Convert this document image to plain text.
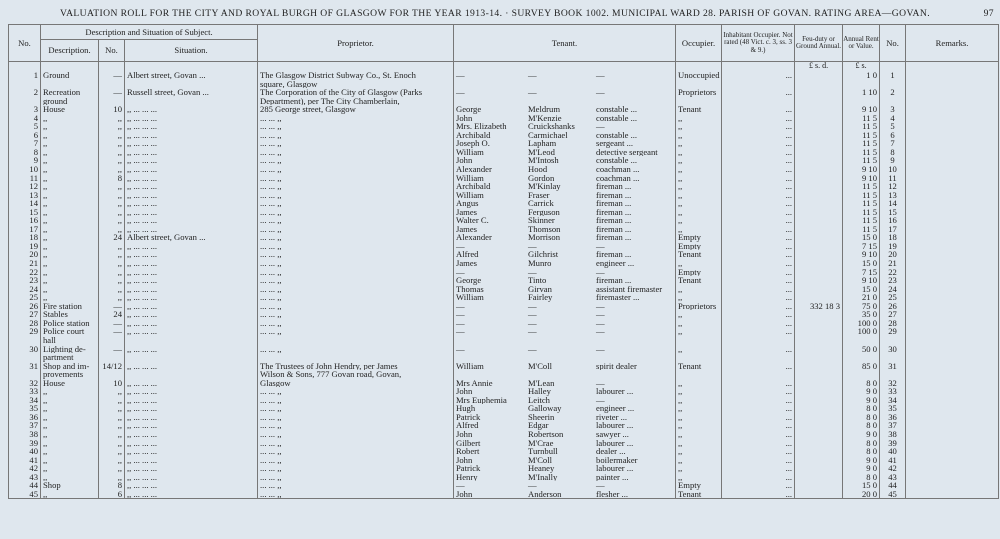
VALUATION ROLL FOR THE CITY AND ROYAL BURGH OF GLASGOW FOR THE YEAR 1913-14. · SURVEY BOOK 1002. MUNICIPAL WARD 28. PARISH OF GOVAN. RATING AREA—GOVAN.	97
No.	Description and Situation of Subject.			Proprietor.	Tenant.	Occupier.	Inhabitant Occupier. Not rated (48 Vict. c. 3, ss. 3 & 9.)	Feu-duty or Ground Annual.	Annual Rent or Value.	No.	Remarks.
	Description.	No.	Situation.								
								£ s. d.	£ s.		
1	Ground	—	Albert street, Govan ...	The Glasgow District Subway Co., St. Enoch	— — —	Unoccupied	...		1 0	1	
				square, Glasgow							
2	Recreation	—	Russell street, Govan ...	The Corporation of the City of Glasgow (Parks	— — —	Proprietors	...		1 10	2	
	ground			Department), per The City Chamberlain,							
3	House	10	,, ... ... ...	285 George street, Glasgow	George Meldrum constable ...	Tenant	...		9 10	3	
4	,,	,,	,, ... ... ...	... ... ,,	John M'Kenzie constable ...	,,	...		11 5	4	
5	,,	,,	,, ... ... ...	... ... ,,	Mrs. Elizabeth Cruickshanks —	,,	...		11 5	5	
6	,,	,,	,, ... ... ...	... ... ,,	Archibald Carmichael constable ...	,,	...		11 5	6	
7	,,	,,	,, ... ... ...	... ... ,,	Joseph O. Lapham sergeant ...	,,	...		11 5	7	
8	,,	,,	,, ... ... ...	... ... ,,	William M'Leod detective sergeant	,,	...		11 5	8	
9	,,	,,	,, ... ... ...	... ... ,,	John M'Intosh constable ...	,,	...		11 5	9	
10	,,	,,	,, ... ... ...	... ... ,,	Alexander Hood coachman ...	,,	...		9 10	10	
11	,,	8	,, ... ... ...	... ... ,,	William Gordon coachman ...	,,	...		9 10	11	
12	,,	,,	,, ... ... ...	... ... ,,	Archibald M'Kinlay fireman ...	,,	...		11 5	12	
13	,,	,,	,, ... ... ...	... ... ,,	William Fraser fireman ...	,,	...		11 5	13	
14	,,	,,	,, ... ... ...	... ... ,,	Angus Carrick fireman ...	,,	...		11 5	14	
15	,,	,,	,, ... ... ...	... ... ,,	James Ferguson fireman ...	,,	...		11 5	15	
16	,,	,,	,, ... ... ...	... ... ,,	Walter C. Skinner fireman ...	,,	...		11 5	16	
17	,,	,,	,, ... ... ...	... ... ,,	James Thomson fireman ...	,,	...		11 5	17	
18	,,	24	Albert street, Govan ...	... ... ,,	Alexander Morrison fireman ...	Empty	...		15 0	18	
19	,,	,,	,, ... ... ...	... ... ,,	— — —	Empty	...		7 15	19	
20	,,	,,	,, ... ... ...	... ... ,,	Alfred Gilchrist fireman ...	Tenant	...		9 10	20	
21	,,	,,	,, ... ... ...	... ... ,,	James Munro engineer ...	,,	...		15 0	21	
22	,,	,,	,, ... ... ...	... ... ,,	— — —	Empty	...		7 15	22	
23	,,	,,	,, ... ... ...	... ... ,,	George Tinto fireman ...	Tenant	...		9 10	23	
24	,,	,,	,, ... ... ...	... ... ,,	Thomas Girvan assistant firemaster	,,	...		15 0	24	
25	,,	,,	,, ... ... ...	... ... ,,	William Fairley firemaster ...	,,	...		21 0	25	
26	Fire station	—	,, ... ... ...	... ... ,,	— — —	Proprietors	...	332 18 3	75 0	26	
27	Stables	24	,, ... ... ...	... ... ,,	— — —	,,	...		35 0	27	
28	Police station	—	,, ... ... ...	... ... ,,	— — —	,,	...		100 0	28	
29	Police court	—	,, ... ... ...	... ... ,,	— — —	,,	...		100 0	29	
	hall										
30	Lighting de-	—	,, ... ... ...	... ... ,,	— — —	,,	...		50 0	30	
	partment										
31	Shop and im-	14/12	,, ... ... ...	The Trustees of John Hendry, per James	William M'Coll spirit dealer	Tenant	...		85 0	31	
	provements			Wilson & Sons, 777 Govan road, Govan,							
32	House	10	,, ... ... ...	Glasgow	Mrs Annie M'Lean —	,,	...		8 0	32	
33	,,	,,	,, ... ... ...	... ... ,,	John Halley labourer ...	,,	...		9 0	33	
34	,,	,,	,, ... ... ...	... ... ,,	Mrs Euphemia Leitch —	,,	...		9 0	34	
35	,,	,,	,, ... ... ...	... ... ,,	Hugh Galloway engineer ...	,,	...		8 0	35	
36	,,	,,	,, ... ... ...	... ... ,,	Patrick Sheerin riveter ...	,,	...		8 0	36	
37	,,	,,	,, ... ... ...	... ... ,,	Alfred Edgar labourer ...	,,	...		8 0	37	
38	,,	,,	,, ... ... ...	... ... ,,	John Robertson sawyer ...	,,	...		9 0	38	
39	,,	,,	,, ... ... ...	... ... ,,	Gilbert M'Crae labourer ...	,,	...		8 0	39	
40	,,	,,	,, ... ... ...	... ... ,,	Robert Turnbull dealer ...	,,	...		8 0	40	
41	,,	,,	,, ... ... ...	... ... ,,	John M'Coll boilermaker	,,	...		9 0	41	
42	,,	,,	,, ... ... ...	... ... ,,	Patrick Heaney labourer ...	,,	...		9 0	42	
43	,,	,,	,, ... ... ...	... ... ,,	Henry M'Inally painter ...	,,	...		8 0	43	
44	Shop	8	,, ... ... ...	... ... ,,	— — —	Empty	...		15 0	44	
45	,,	6	,, ... ... ...	... ... ,,	John Anderson flesher ...	Tenant	...		20 0	45	
